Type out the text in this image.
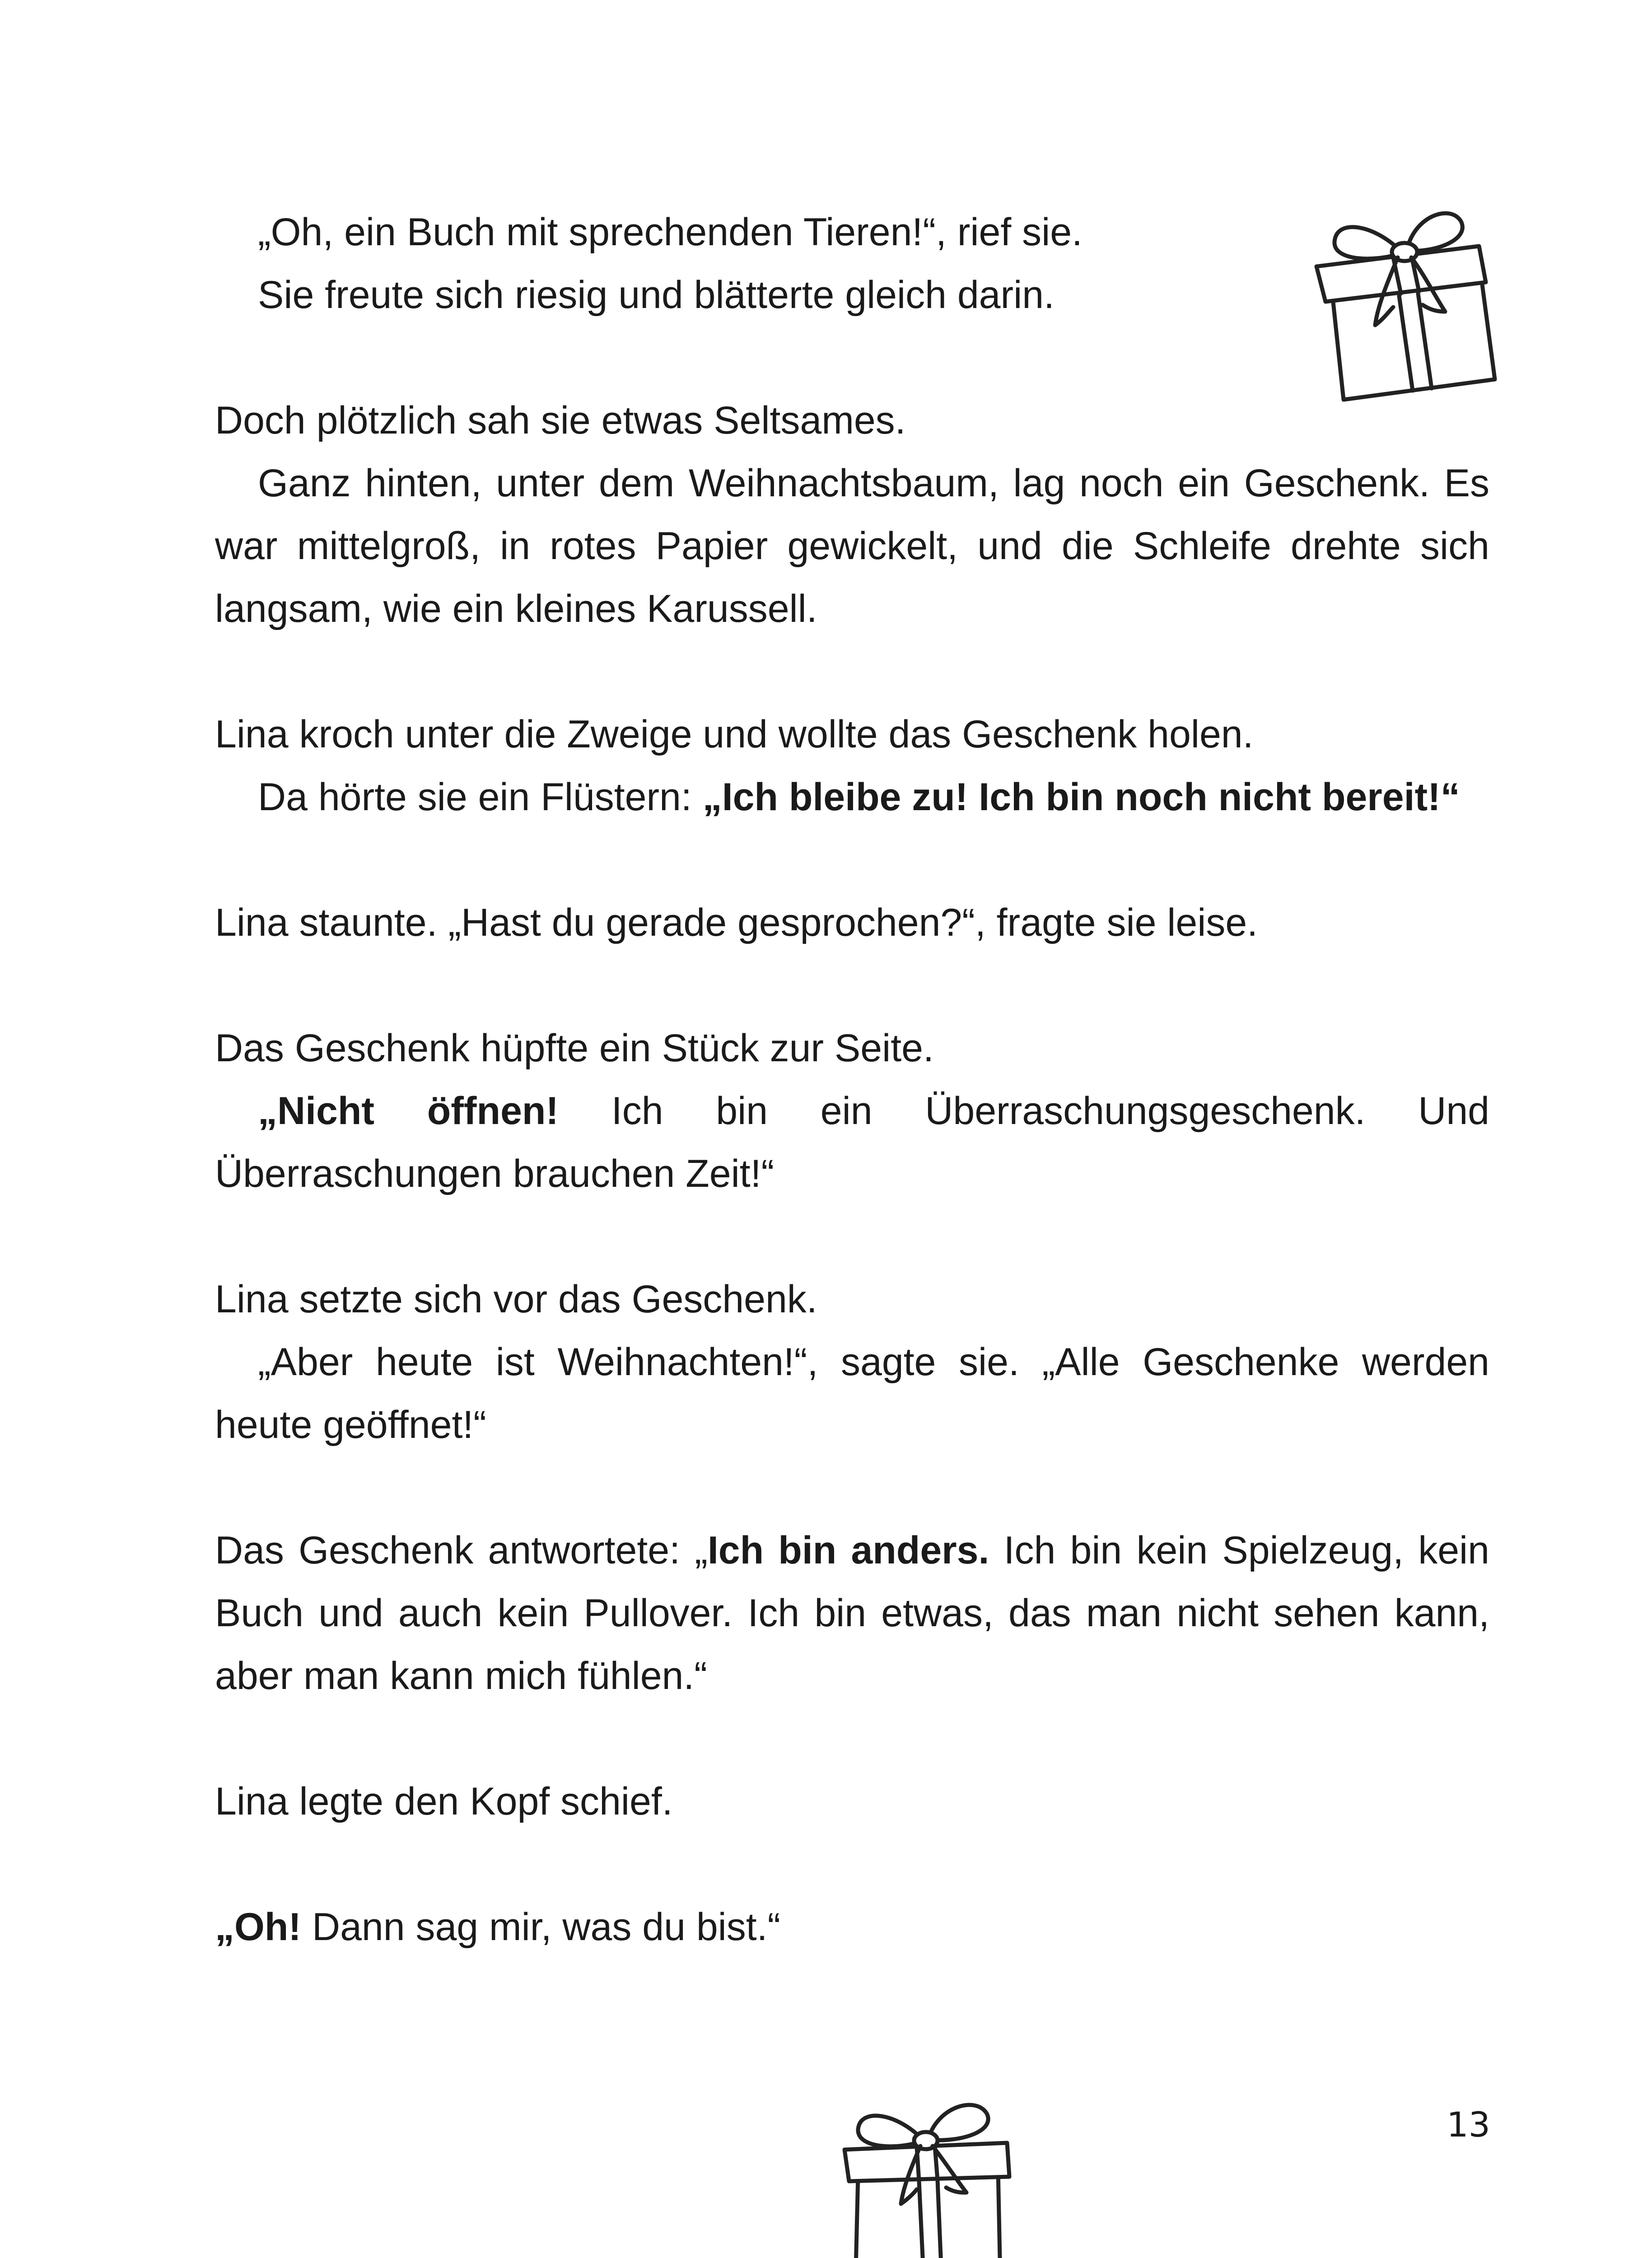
„Oh, ein Buch mit sprechenden Tieren!“, rief sie.

Sie freute sich riesig und blätterte gleich darin.

Doch plötzlich sah sie etwas Seltsames.

Ganz hinten, unter dem Weihnachtsbaum, lag noch ein Geschenk. Es war mittelgroß, in rotes Papier gewickelt, und die Schleife drehte sich langsam, wie ein kleines Karussell.

Lina kroch unter die Zweige und wollte das Geschenk holen.

Da hörte sie ein Flüstern: „Ich bleibe zu! Ich bin noch nicht bereit!“

Lina staunte. „Hast du gerade gesprochen?“, fragte sie leise.

Das Geschenk hüpfte ein Stück zur Seite.

„Nicht öffnen! Ich bin ein Überraschungsgeschenk. Und Überraschungen brauchen Zeit!“

Lina setzte sich vor das Geschenk.

„Aber heute ist Weihnachten!“, sagte sie. „Alle Geschenke werden heute geöffnet!“

Das Geschenk antwortete: „Ich bin anders. Ich bin kein Spielzeug, kein Buch und auch kein Pullover. Ich bin etwas, das man nicht sehen kann, aber man kann mich fühlen.“

Lina legte den Kopf schief.

„Oh! Dann sag mir, was du bist.“

13
